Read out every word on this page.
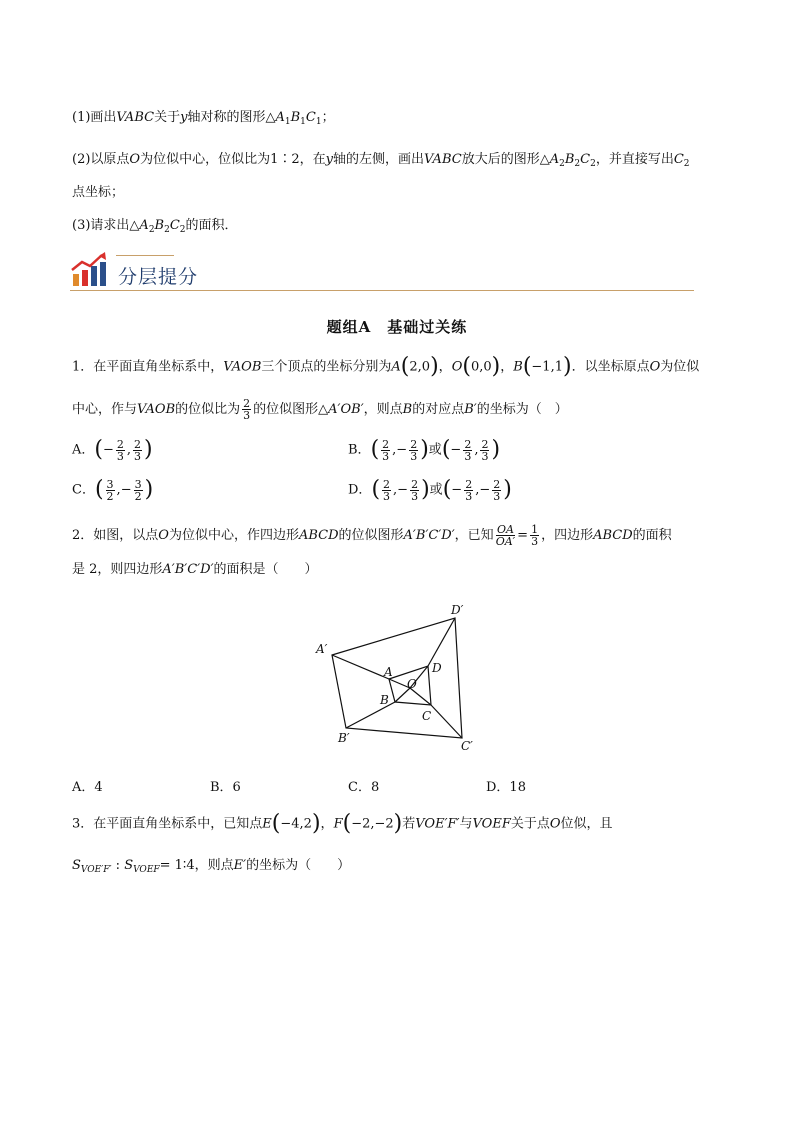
(1)画出VABC关于y轴对称的图形$\triangle A_1B_1C_1$；
(2)以原点O为位似中心，位似比为1∶2，在y轴的左侧，画出VABC放大后的图形$\triangle A_2B_2C_2$，并直接写出$C_2$
点坐标；
(3)请求出$\triangle A_2B_2C_2$的面积．
分层提分
题组A　基础过关练
1．在平面直角坐标系中，VAOB三个顶点的坐标分别为A(2,0)，O(0,0)，B(−1,1)．以坐标原点O为位似
中心，作与VAOB的位似比为 $\frac{2}{3}$ 的位似图形△A′OB′，则点B的对应点B′的坐标为（　）
A．(− $\frac{2}{3}$ , $\frac{2}{3}$ )	B．( $\frac{2}{3}$ ,− $\frac{2}{3}$ )或(− $\frac{2}{3}$ , $\frac{2}{3}$ )
C．( $\frac{3}{2}$ ,− $\frac{3}{2}$ )	D．( $\frac{2}{3}$ ,− $\frac{2}{3}$ )或(− $\frac{2}{3}$ ,− $\frac{2}{3}$ )
2．如图，以点O为位似中心，作四边形ABCD的位似图形A′B′C′D′，已知 $\frac{OA}{OA'} = \frac{1}{3}$ ，四边形ABCD的面积
是 2，则四边形A′B′C′D′的面积是（　　）
A′
D′
C′
B′
A	D
C
B
O
A．4	B．6	C．8	D．18
3．在平面直角坐标系中，已知点E(−4,2)，F(−2,−2)若VOE′F′与VOEF关于点O位似，且
$S_{VOE'F'}$ : $S_{VOEF}=$ 1∶4，则点E′的坐标为（　　）
